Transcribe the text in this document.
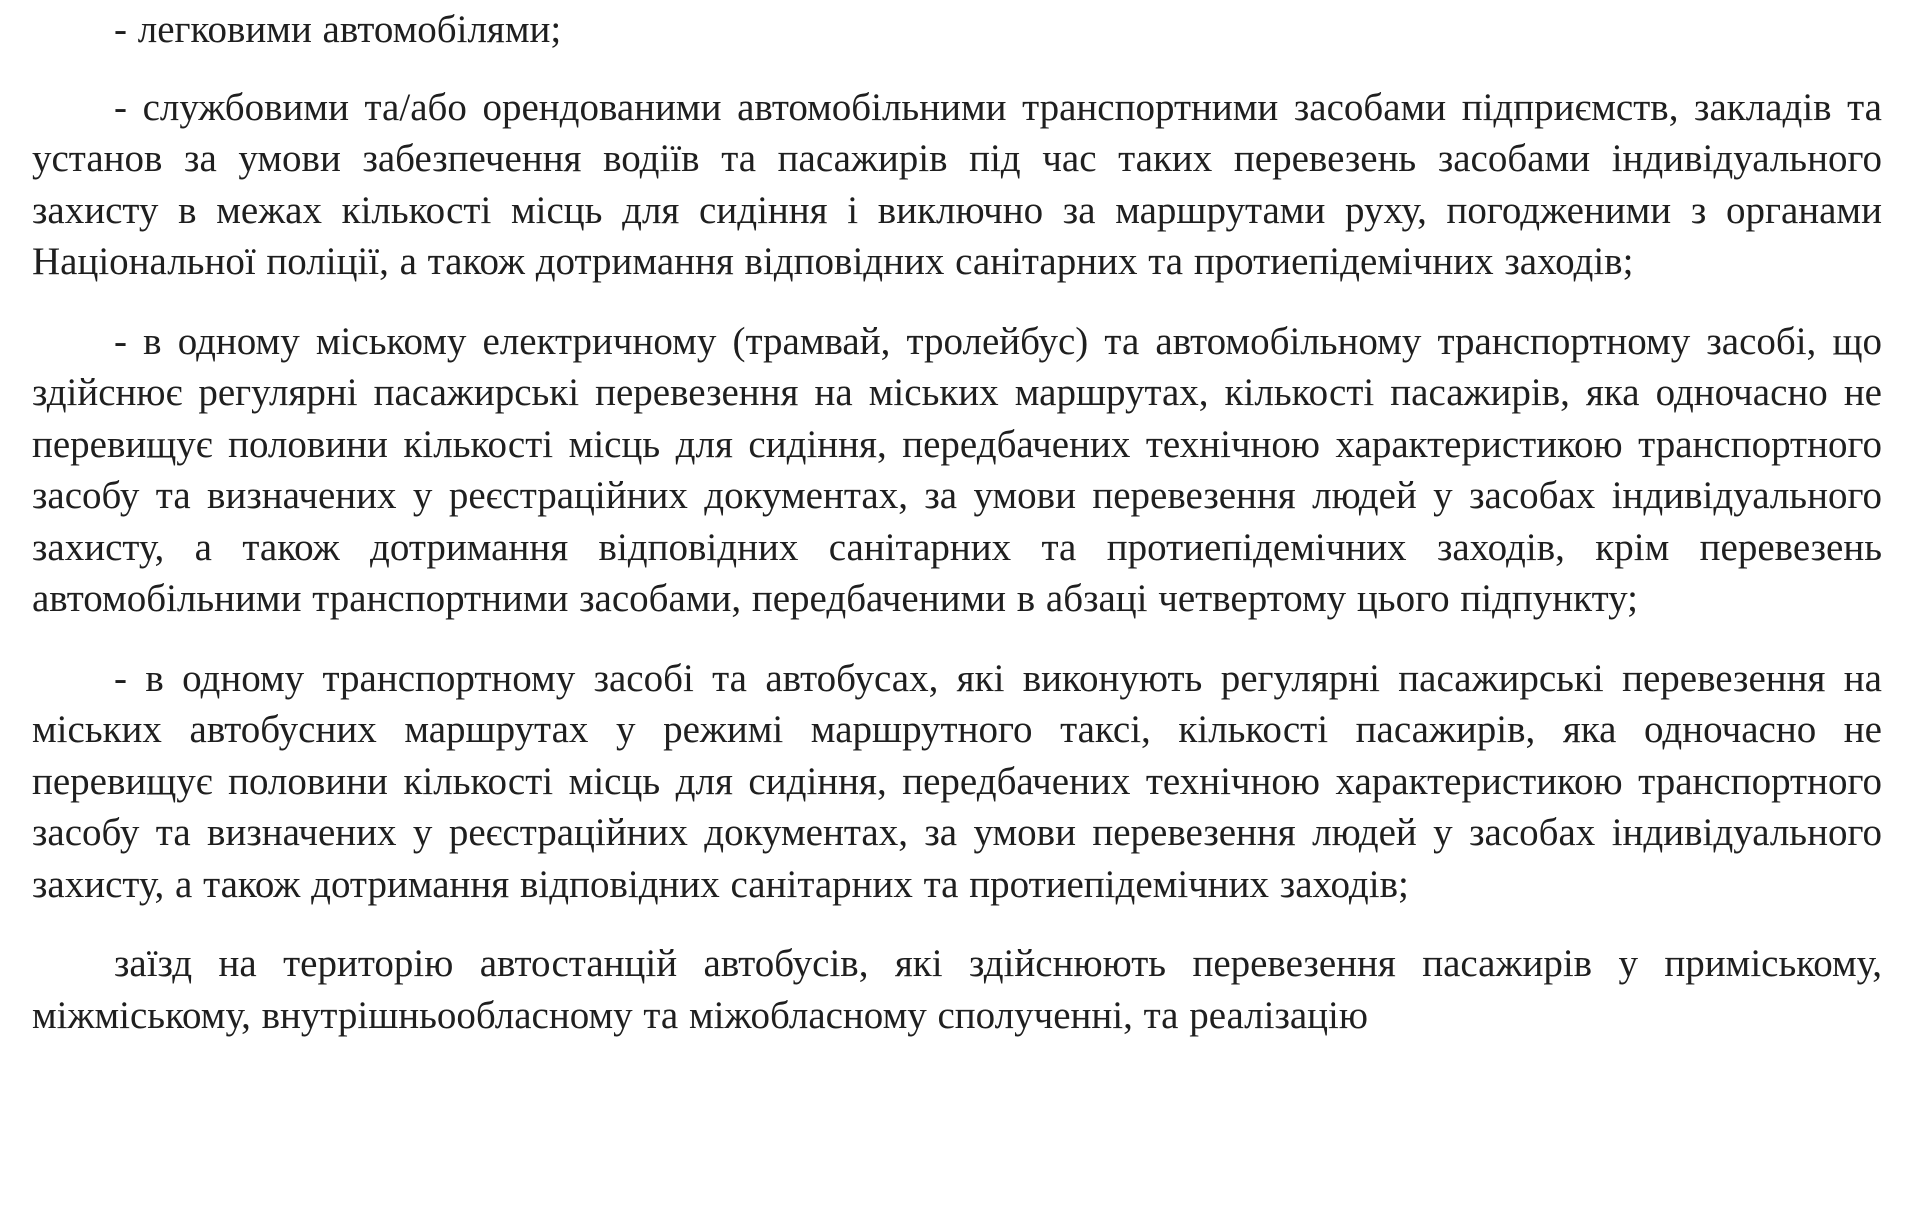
- легковими автомобілями;

- службовими та/або орендованими автомобільними транспортними засобами підприємств, закладів та установ за умови забезпечення водіїв та пасажирів під час таких перевезень засобами індивідуального захисту в межах кількості місць для сидіння і виключно за маршрутами руху, погодженими з органами Національної поліції, а також дотримання відповідних санітарних та протиепідемічних заходів;

- в одному міському електричному (трамвай, тролейбус) та автомобільному транспортному засобі, що здійснює регулярні пасажирські перевезення на міських маршрутах, кількості пасажирів, яка одночасно не перевищує половини кількості місць для сидіння, передбачених технічною характеристикою транспортного засобу та визначених у реєстраційних документах, за умови перевезення людей у засобах індивідуального захисту, а також дотримання відповідних санітарних та протиепідемічних заходів, крім перевезень автомобільними транспортними засобами, передбаченими в абзаці четвертому цього підпункту;

- в одному транспортному засобі та автобусах, які виконують регулярні пасажирські перевезення на міських автобусних маршрутах у режимі маршрутного таксі, кількості пасажирів, яка одночасно не перевищує половини кількості місць для сидіння, передбачених технічною характеристикою транспортного засобу та визначених у реєстраційних документах, за умови перевезення людей у засобах індивідуального захисту, а також дотримання відповідних санітарних та протиепідемічних заходів;

заїзд на територію автостанцій автобусів, які здійснюють перевезення пасажирів у приміському, міжміському, внутрішньообласному та міжобласному сполученні, та реалізацію
